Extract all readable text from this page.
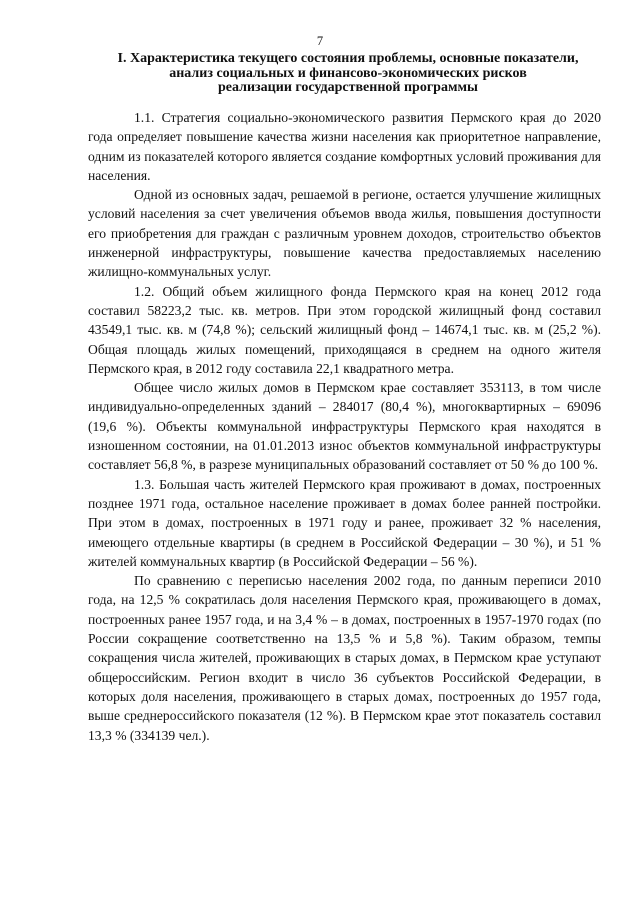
7
I. Характеристика текущего состояния проблемы, основные показатели,
анализ социальных и финансово-экономических рисков
реализации государственной программы

1.1. Стратегия социально-экономического развития Пермского края до 2020 года определяет повышение качества жизни населения как приоритетное направление, одним из показателей которого является создание комфортных условий проживания для населения.

Одной из основных задач, решаемой в регионе, остается улучшение жилищных условий населения за счет увеличения объемов ввода жилья, повышения доступности его приобретения для граждан с различным уровнем доходов, строительство объектов инженерной инфраструктуры, повышение качества предоставляемых населению жилищно-коммунальных услуг.

1.2. Общий объем жилищного фонда Пермского края на конец 2012 года составил 58223,2 тыс. кв. метров. При этом городской жилищный фонд составил 43549,1 тыс. кв. м (74,8 %); сельский жилищный фонд – 14674,1 тыс. кв. м (25,2 %). Общая площадь жилых помещений, приходящаяся в среднем на одного жителя Пермского края, в 2012 году составила 22,1 квадратного метра.

Общее число жилых домов в Пермском крае составляет 353113, в том числе индивидуально-определенных зданий – 284017 (80,4 %), многоквартирных – 69096 (19,6 %). Объекты коммунальной инфраструктуры Пермского края находятся в изношенном состоянии, на 01.01.2013 износ объектов коммунальной инфраструктуры составляет 56,8 %, в разрезе муниципальных образований составляет от 50 % до 100 %.

1.3. Большая часть жителей Пермского края проживают в домах, построенных позднее 1971 года, остальное население проживает в домах более ранней постройки. При этом в домах, построенных в 1971 году и ранее, проживает 32 % населения, имеющего отдельные квартиры (в среднем в Российской Федерации – 30 %), и 51 % жителей коммунальных квартир (в Российской Федерации – 56 %).

По сравнению с переписью населения 2002 года, по данным переписи 2010 года, на 12,5 % сократилась доля населения Пермского края, проживающего в домах, построенных ранее 1957 года, и на 3,4 % – в домах, построенных в 1957-1970 годах (по России сокращение соответственно на 13,5 % и 5,8 %). Таким образом, темпы сокращения числа жителей, проживающих в старых домах, в Пермском крае уступают общероссийским. Регион входит в число 36 субъектов Российской Федерации, в которых доля населения, проживающего в старых домах, построенных до 1957 года, выше среднероссийского показателя (12 %). В Пермском крае этот показатель составил 13,3 % (334139 чел.).
